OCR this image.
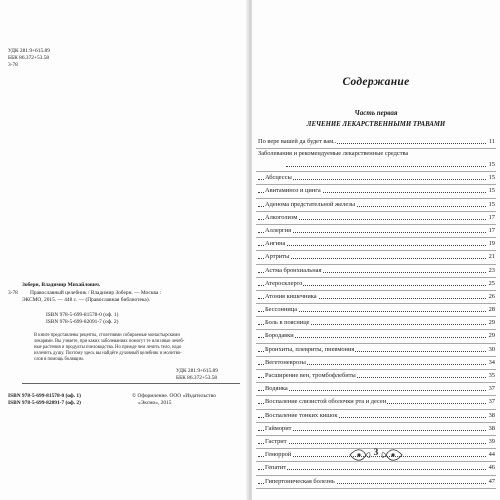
УДК 281.9+615.89
ББК 86.372+53.58
3-78
Зоберн, Владимир Михайлович.
3-78	Православный целебник / Владимир Зоберн. — Москва :
ЭКСМО, 2015. — 448 с. — (Православная библиотека).
ISBN 978-5-699-81578-0 (оф. 1)
ISBN 978-5-699-82091-7 (оф. 2)
В книге представлены рецепты, столетиями собираемые монастырскими
лекарями. Вы узнаете, при каких заболеваниях помогут те или иные лечеб-
ные растения и продукты пчеловодства. Но прежде чем лечить тело, надо
излечить душу. Поэтому здесь вы найдёте духовный целебник и молитво-
слов в помощь болящим.
УДК 281.9+615.89
ББК 86.372+53.58
ISBN 978-5-699-81578-0 (оф. 1)
ISBN 978-5-699-82091-7 (оф. 2)
© Оформление. ООО «Издательство
«Эксмо», 2015
Содержание
Часть первая
ЛЕЧЕНИЕ ЛЕКАРСТВЕННЫМИ ТРАВАМИ
По вере вашей да будет вам..	11
Заболевания и рекомендуемые лекарственные средства
15
Абсцессы	15
Авитаминоз и цинга	15
Аденома предстательной железы	15
Алкоголизм	17
Аллергия	17
Ангина	19
Артриты	21
Астма бронхиальная	23
Атеросклероз	25
Атония кишечника	26
Бессонница	28
Боль в пояснице	29
Бородавки	29
Бронхиты, плевриты, пневмония	30
Вегетоневрозы	34
Расширение вен, тромбофлебиты	35
Водянка	37
Воспаление слизистой оболочки рта и десен	37
Воспаление тонких кишок	38
Гайморит	38
Гастрит	39
Геморрой	44
Гепатит	46
Гипертоническая болезнь	47
3
